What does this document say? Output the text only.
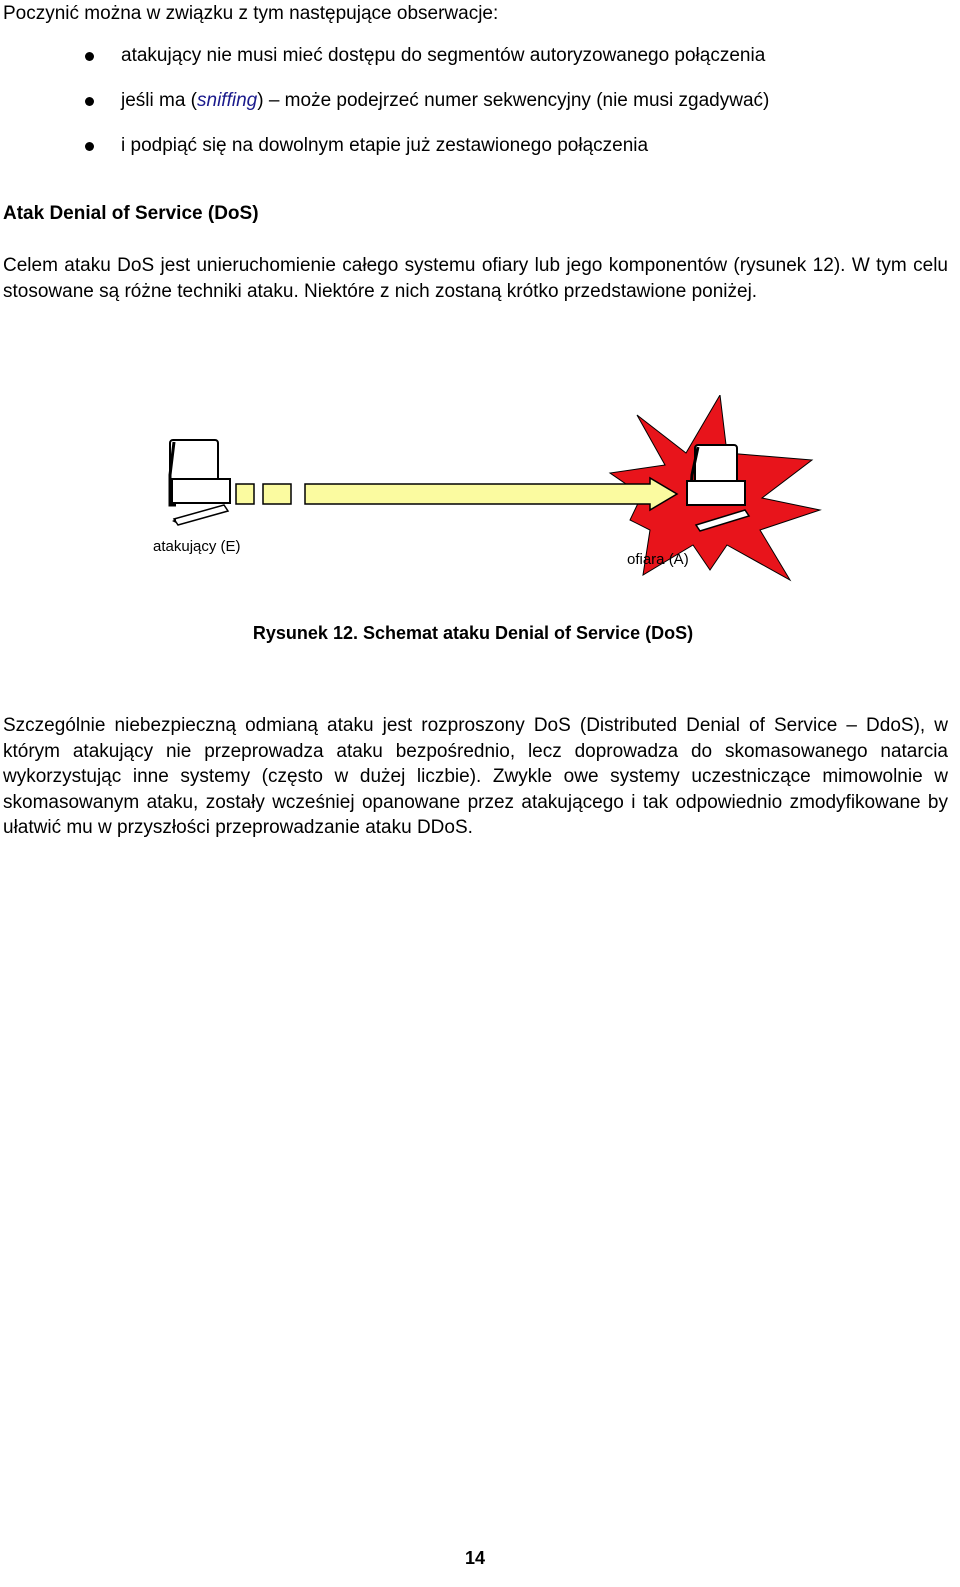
Poczynić można w związku z tym następujące obserwacje:
atakujący nie musi mieć dostępu do segmentów autoryzowanego połączenia
jeśli ma (sniffing) – może podejrzeć numer sekwencyjny (nie musi zgadywać)
i podpiąć się na dowolnym etapie już zestawionego połączenia
Atak Denial of Service (DoS)

Celem ataku DoS jest unieruchomienie całego systemu ofiary lub jego komponentów (rysunek 12). W tym celu stosowane są różne techniki ataku. Niektóre z nich zostaną krótko przedstawione poniżej.

atakujący (E)
ofiara (A)
Rysunek 12. Schemat ataku Denial of Service (DoS)

Szczególnie niebezpieczną odmianą ataku jest rozproszony DoS (Distributed Denial of Service – DdoS), w którym atakujący nie przeprowadza ataku bezpośrednio, lecz doprowadza do skomasowanego natarcia wykorzystując inne systemy (często w dużej liczbie). Zwykle owe systemy uczestniczące mimowolnie w skomasowanym ataku, zostały wcześniej opanowane przez atakującego i tak odpowiednio zmodyfikowane by ułatwić mu w przyszłości przeprowadzanie ataku DDoS.

14
